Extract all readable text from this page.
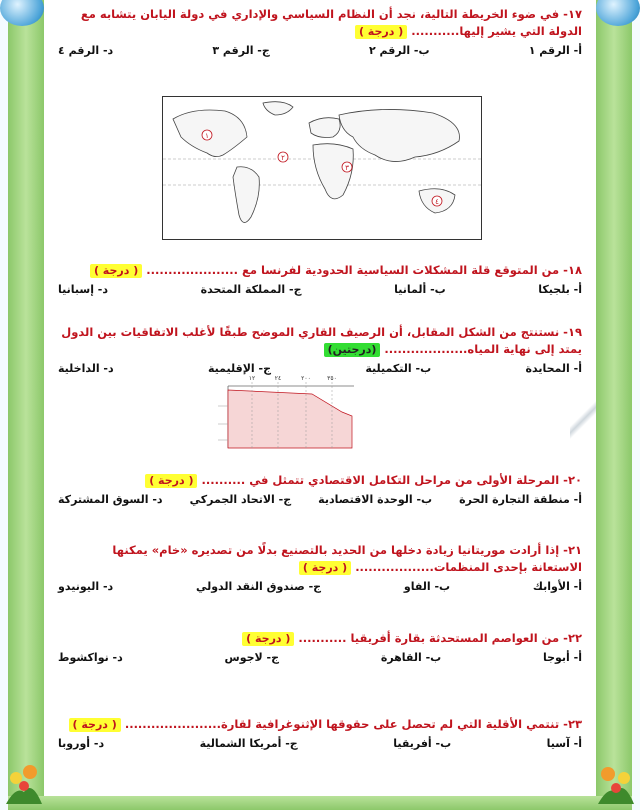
١٧- في ضوء الخريطة التالية، نجد أن النظام السياسي والإداري في دولة اليابان يتشابه مع الدولة التي يشير إليها........... ( درجة )
أ- الرقم ١
ب- الرقم ٢
ج- الرقم ٣
د- الرقم ٤
١
٢
٣
٤
١٨- من المتوقع قلة المشكلات السياسية الحدودية لفرنسا مع ..................... ( درجة )
أ- بلجيكا
ب- ألمانيا
ج- المملكة المتحدة
د- إسبانيا
١٩- نستنتج من الشكل المقابل، أن الرصيف القاري الموضح طبقًا لأغلب الاتفاقيات بين الدول يمتد إلى نهاية المياه................... (درجتين)
أ- المحايدة
ب- التكميلية
ج- الإقليمية
د- الداخلية
١٢	٢٤	٢٠٠	٣٥٠
٢٠- المرحلة الأولى من مراحل التكامل الاقتصادي تتمثل في .......... ( درجة )
أ- منطقة التجارة الحرة
ب- الوحدة الاقتصادية
ج- الاتحاد الجمركي
د- السوق المشتركة
٢١- إذا أرادت موريتانيا زيادة دخلها من الحديد بالتصنيع بدلًا من تصديره «خام» يمكنها الاستعانة بإحدى المنظمات.................. ( درجة )
أ- الأوابك
ب- الفاو
ج- صندوق النقد الدولي
د- اليونيدو
٢٢- من العواصم المستحدثة بقارة أفريقيا ........... ( درجة )
أ- أبوجا
ب- القاهرة
ج- لاجوس
د- نواكشوط
٢٣- تنتمي الأقلية التي لم تحصل على حقوقها الإثنوغرافية لقارة...................... ( درجة )
أ- آسيا
ب- أفريقيا
ج- أمريكا الشمالية
د- أوروبا
